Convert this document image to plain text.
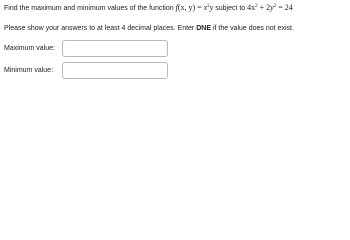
Find the maximum and minimum values of the function f(x, $y) = x^2y$ subject to $4x^2 + 2y^2 = 24$
Please show your answers to at least 4 decimal places. Enter DNE if the value does not exist.
Maximum value:
Minimum value:
